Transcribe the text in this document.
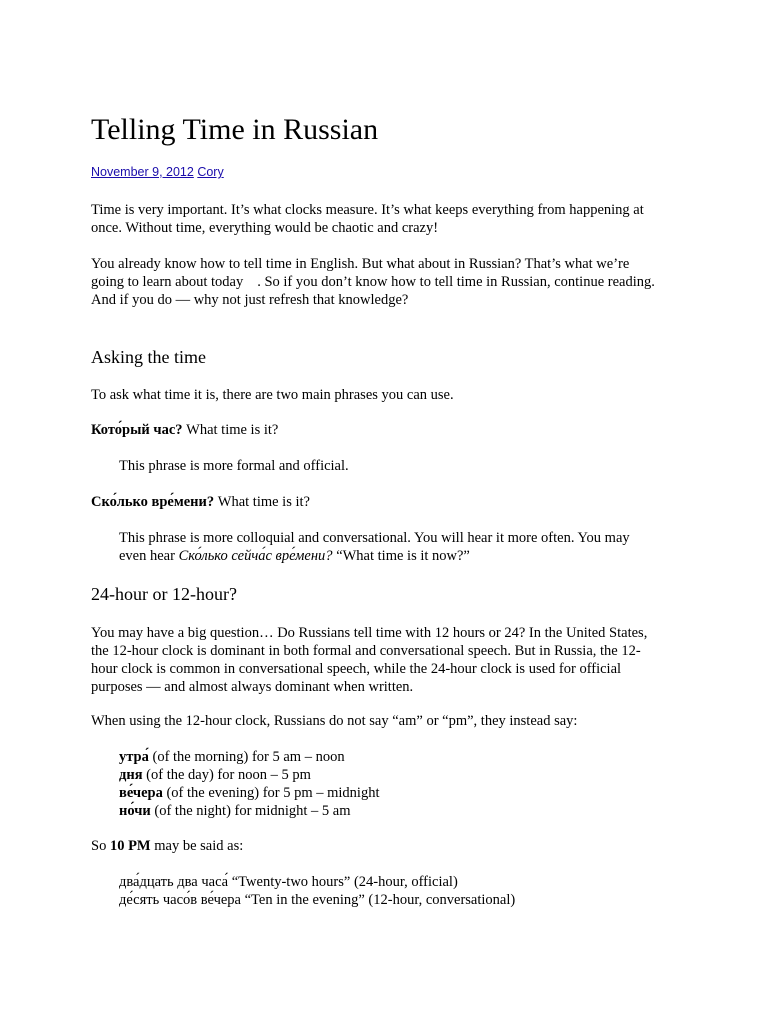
Telling Time in Russian
November 9, 2012 Cory

Time is very important. It’s what clocks measure. It’s what keeps everything from happening at
once. Without time, everything would be chaotic and crazy!

You already know how to tell time in English. But what about in Russian? That’s what we’re
going to learn about today . So if you don’t know how to tell time in Russian, continue reading.
And if you do — why not just refresh that knowledge?

Asking the time

To ask what time it is, there are two main phrases you can use.

Кото́рый час? What time is it?

This phrase is more formal and official.

Ско́лько вре́мени? What time is it?

This phrase is more colloquial and conversational. You will hear it more often. You may
even hear Ско́лько сейча́с вре́мени? “What time is it now?”

24-hour or 12-hour?

You may have a big question… Do Russians tell time with 12 hours or 24? In the United States,
the 12-hour clock is dominant in both formal and conversational speech. But in Russia, the 12-
hour clock is common in conversational speech, while the 24-hour clock is used for official
purposes — and almost always dominant when written.

When using the 12-hour clock, Russians do not say “am” or “pm”, they instead say:

утра́ (of the morning) for 5 am – noon
дня (of the day) for noon – 5 pm
ве́чера (of the evening) for 5 pm – midnight
но́чи (of the night) for midnight – 5 am

So 10 PM may be said as:

два́дцать два часа́ “Twenty-two hours” (24-hour, official)
де́сять часо́в ве́чера “Ten in the evening” (12-hour, conversational)
